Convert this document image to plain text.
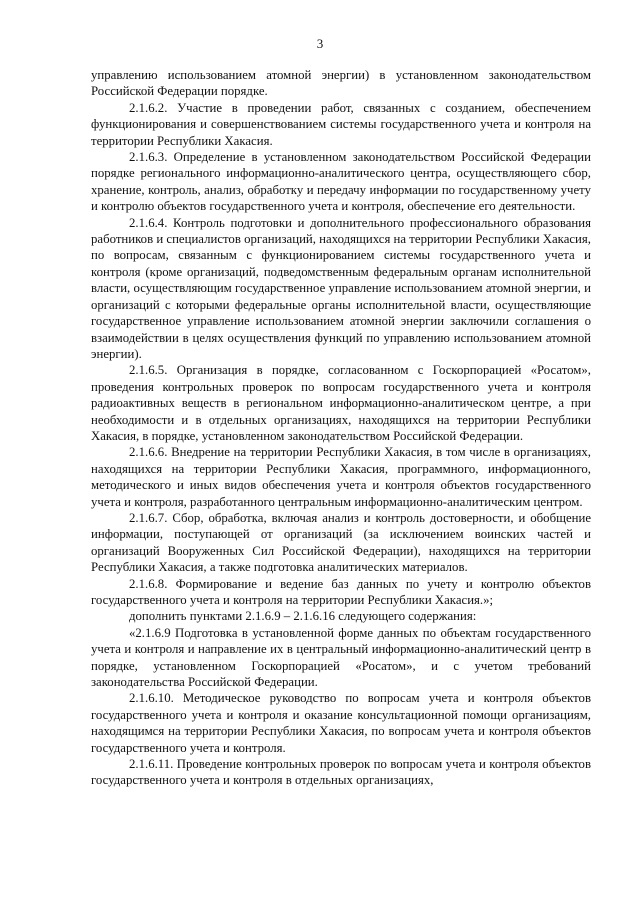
3

управлению использованием атомной энергии) в установленном законодательством Российской Федерации порядке.

2.1.6.2. Участие в проведении работ, связанных с созданием, обеспечением функционирования и совершенствованием системы государственного учета и контроля на территории Республики Хакасия.

2.1.6.3. Определение в установленном законодательством Российской Федерации порядке регионального информационно-аналитического центра, осуществляющего сбор, хранение, контроль, анализ, обработку и передачу информации по государственному учету и контролю объектов государственного учета и контроля, обеспечение его деятельности.

2.1.6.4. Контроль подготовки и дополнительного профессионального образования работников и специалистов организаций, находящихся на территории Республики Хакасия, по вопросам, связанным с функционированием системы государственного учета и контроля (кроме организаций, подведомственным федеральным органам исполнительной власти, осуществляющим государственное управление использованием атомной энергии, и организаций с которыми федеральные органы исполнительной власти, осуществляющие государственное управление использованием атомной энергии заключили соглашения о взаимодействии в целях осуществления функций по управлению использованием атомной энергии).

2.1.6.5. Организация в порядке, согласованном с Госкорпорацией «Росатом», проведения контрольных проверок по вопросам государственного учета и контроля радиоактивных веществ в региональном информационно-аналитическом центре, а при необходимости и в отдельных организациях, находящихся на территории Республики Хакасия, в порядке, установленном законодательством Российской Федерации.

2.1.6.6. Внедрение на территории Республики Хакасия, в том числе в организациях, находящихся на территории Республики Хакасия, программного, информационного, методического и иных видов обеспечения учета и контроля объектов государственного учета и контроля, разработанного центральным информационно-аналитическим центром.

2.1.6.7. Сбор, обработка, включая анализ и контроль достоверности, и обобщение информации, поступающей от организаций (за исключением воинских частей и организаций Вооруженных Сил Российской Федерации), находящихся на территории Республики Хакасия, а также подготовка аналитических материалов.

2.1.6.8. Формирование и ведение баз данных по учету и контролю объектов государственного учета и контроля на территории Республики Хакасия.»;

дополнить пунктами 2.1.6.9 – 2.1.6.16 следующего содержания:

«2.1.6.9 Подготовка в установленной форме данных по объектам государственного учета и контроля и направление их в центральный информационно-аналитический центр в порядке, установленном Госкорпорацией «Росатом», и с учетом требований законодательства Российской Федерации.

2.1.6.10. Методическое руководство по вопросам учета и контроля объектов государственного учета и контроля и оказание консультационной помощи организациям, находящимся на территории Республики Хакасия, по вопросам учета и контроля объектов государственного учета и контроля.

2.1.6.11. Проведение контрольных проверок по вопросам учета и контроля объектов государственного учета и контроля в отдельных организациях,
